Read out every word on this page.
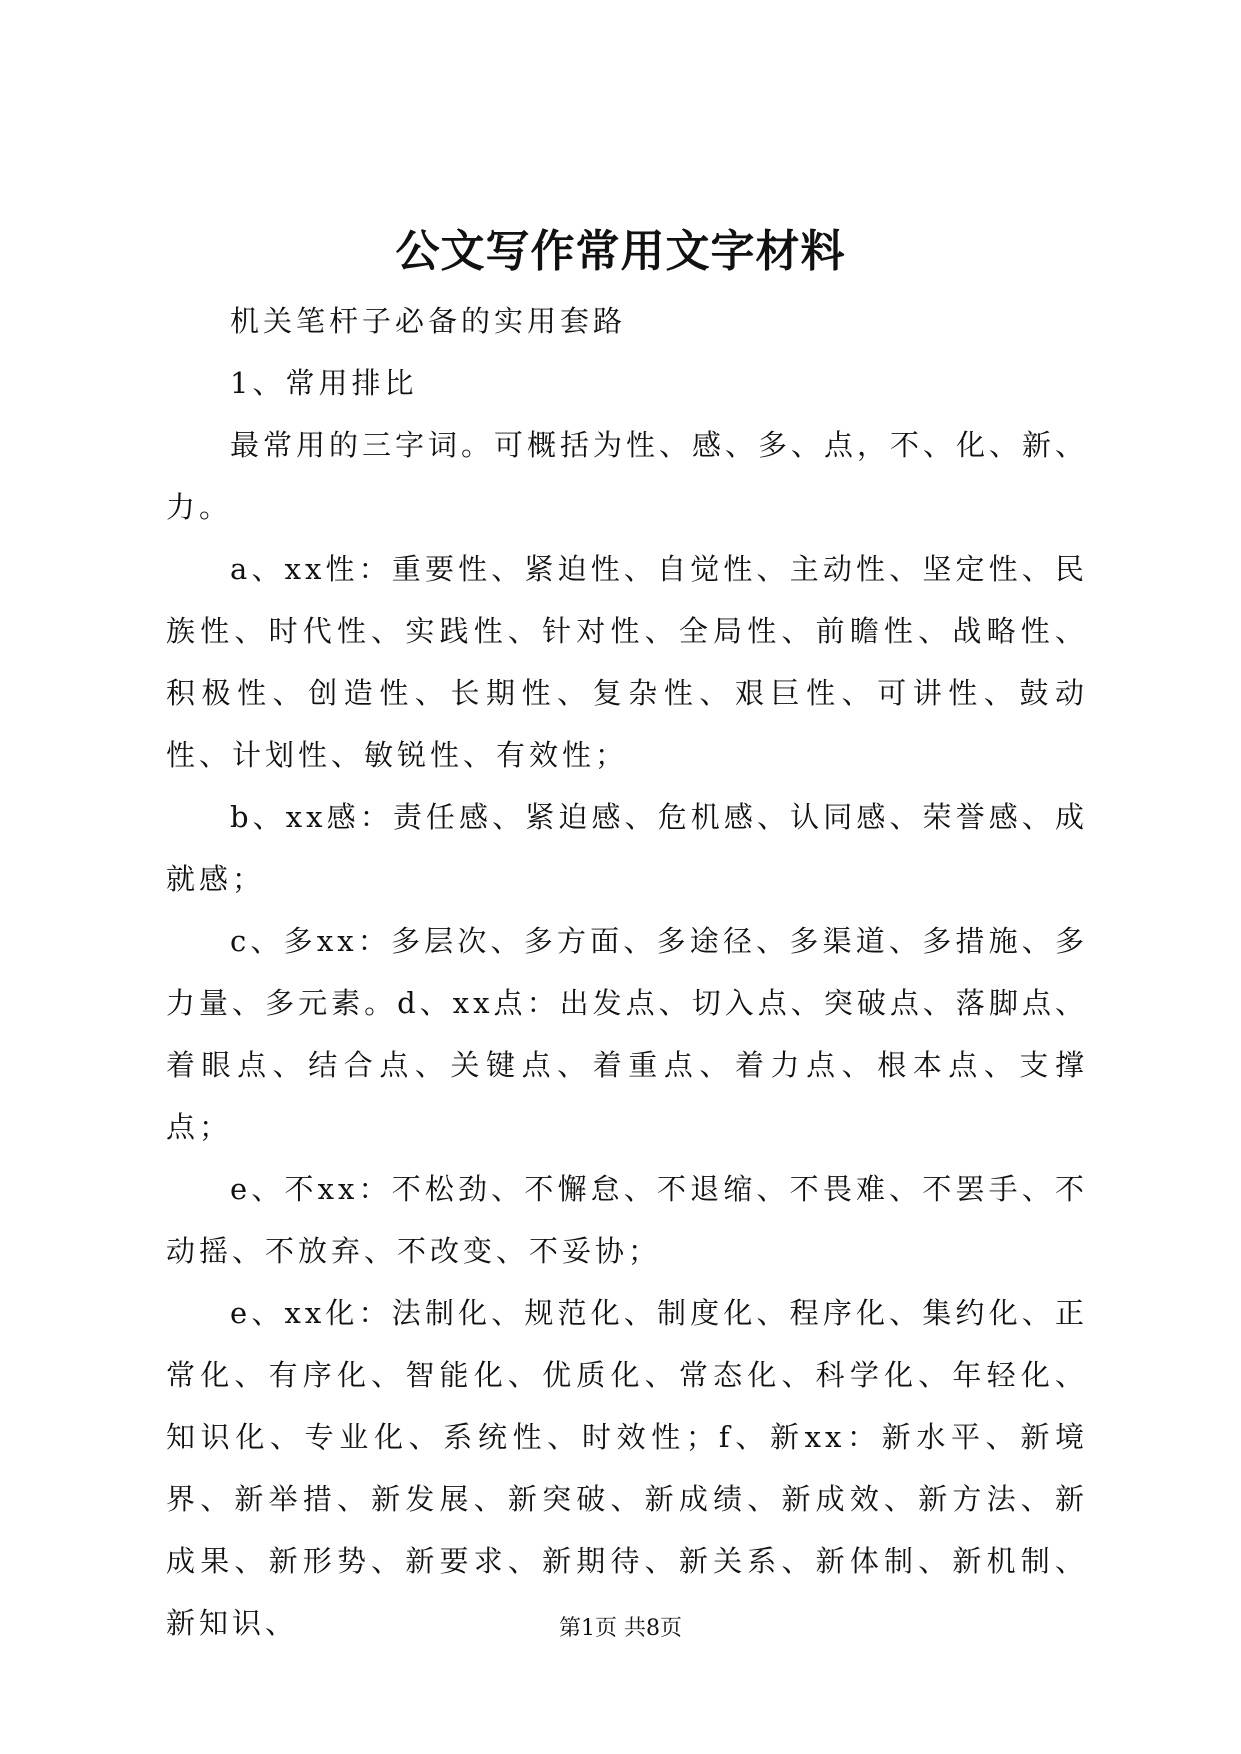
公文写作常用文字材料

机关笔杆子必备的实用套路

1、常用排比

最常用的三字词。可概括为性、感、多、点，不、化、新、力。

a、xx性：重要性、紧迫性、自觉性、主动性、坚定性、民族性、时代性、实践性、针对性、全局性、前瞻性、战略性、积极性、创造性、长期性、复杂性、艰巨性、可讲性、鼓动性、计划性、敏锐性、有效性；

b、xx感：责任感、紧迫感、危机感、认同感、荣誉感、成就感；

c、多xx：多层次、多方面、多途径、多渠道、多措施、多力量、多元素。d、xx点：出发点、切入点、突破点、落脚点、着眼点、结合点、关键点、着重点、着力点、根本点、支撑点；

e、不xx：不松劲、不懈怠、不退缩、不畏难、不罢手、不动摇、不放弃、不改变、不妥协；

e、xx化：法制化、规范化、制度化、程序化、集约化、正常化、有序化、智能化、优质化、常态化、科学化、年轻化、知识化、专业化、系统性、时效性；f、新xx：新水平、新境界、新举措、新发展、新突破、新成绩、新成效、新方法、新成果、新形势、新要求、新期待、新关系、新体制、新机制、新知识、	第1页 共8页
